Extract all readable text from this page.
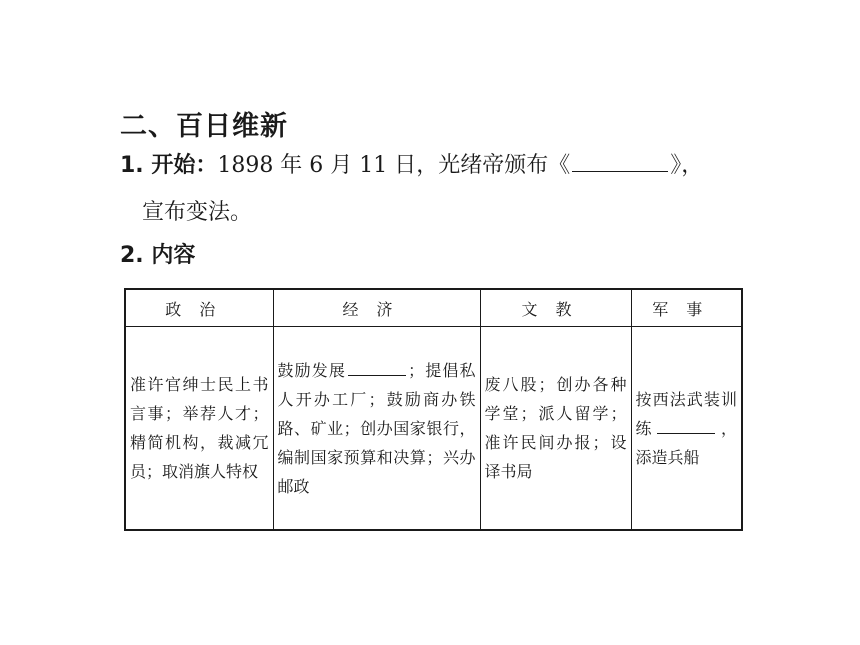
二、百日维新
1. 开始： 1898 年 6 月 11 日，光绪帝颁布《	》，
宣布变法。
2. 内容
政治	经济	文教	军事
准许官绅士民上书言事；举荐人才；精简机构，裁减冗员；取消旗人特权	鼓励发展 ；提倡私人开办工厂；鼓励商办铁路、矿业；创办国家银行，编制国家预算和决算；兴办邮政	废八股；创办各种学堂；派人留学；准许民间办报；设译书局	按西法武装训练 ，添造兵船
